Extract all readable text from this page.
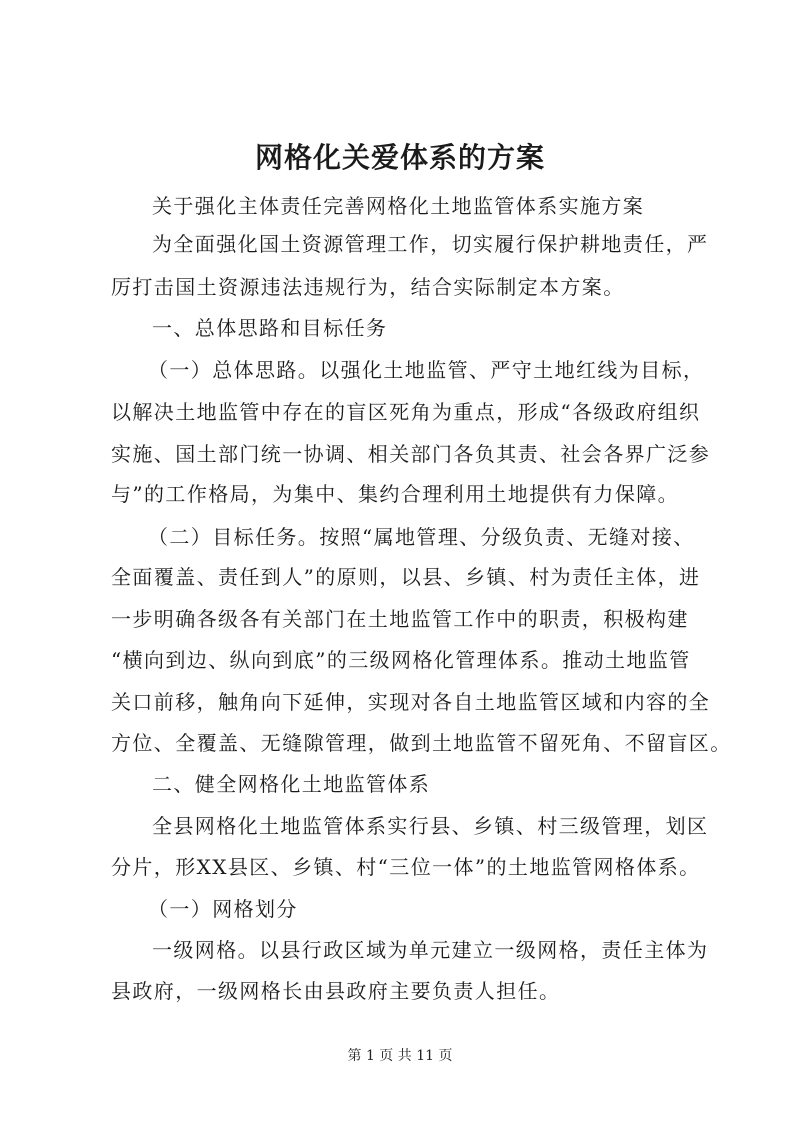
网格化关爱体系的方案
关于强化主体责任完善网格化土地监管体系实施方案
为全面强化国土资源管理工作，切实履行保护耕地责任，严
厉打击国土资源违法违规行为，结合实际制定本方案。
一、总体思路和目标任务
（一）总体思路。以强化土地监管、严守土地红线为目标，
以解决土地监管中存在的盲区死角为重点，形成“各级政府组织
实施、国土部门统一协调、相关部门各负其责、社会各界广泛参
与”的工作格局，为集中、集约合理利用土地提供有力保障。
（二）目标任务。按照“属地管理、分级负责、无缝对接、
全面覆盖、责任到人”的原则，以县、乡镇、村为责任主体，进
一步明确各级各有关部门在土地监管工作中的职责，积极构建
“横向到边、纵向到底”的三级网格化管理体系。推动土地监管
关口前移，触角向下延伸，实现对各自土地监管区域和内容的全
方位、全覆盖、无缝隙管理，做到土地监管不留死角、不留盲区。
二、健全网格化土地监管体系
全县网格化土地监管体系实行县、乡镇、村三级管理，划区
分片，形XX县区、乡镇、村“三位一体”的土地监管网格体系。
（一）网格划分
一级网格。以县行政区域为单元建立一级网格，责任主体为
县政府，一级网格长由县政府主要负责人担任。
第 1 页 共 11 页
